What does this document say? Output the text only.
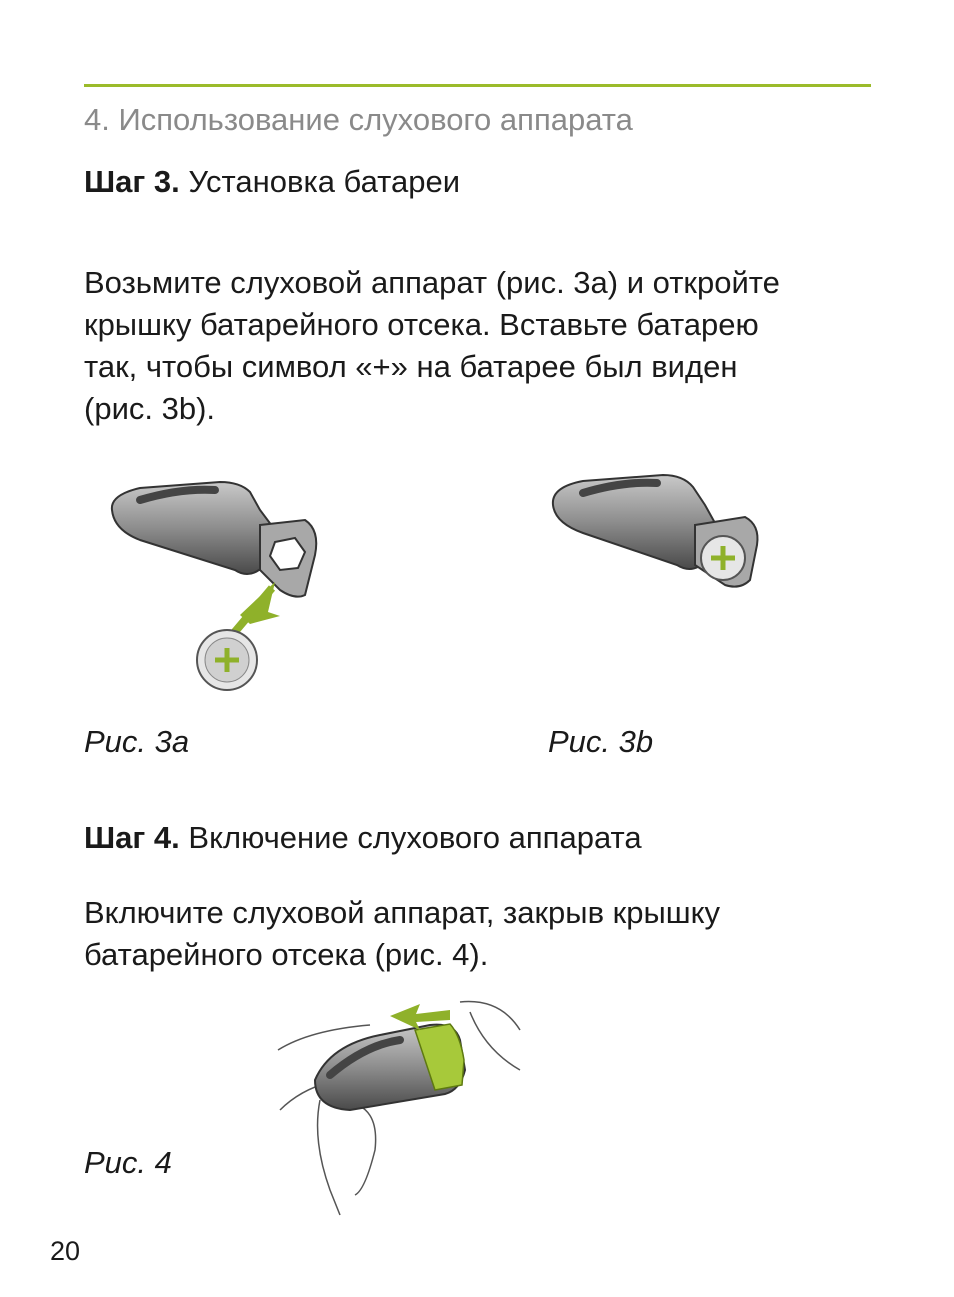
4. Использование слухового аппарата
Шаг 3. Установка батареи
Возьмите слуховой аппарат (рис. 3a) и откройте
крышку батарейного отсека. Вставьте батарею
так, чтобы символ «+» на батарее был виден
(рис. 3b).
Рис. 3a	Рис. 3b
Шаг 4. Включение слухового аппарата
Включите слуховой аппарат, закрыв крышку
батарейного отсека (рис. 4).
Рис. 4
20
